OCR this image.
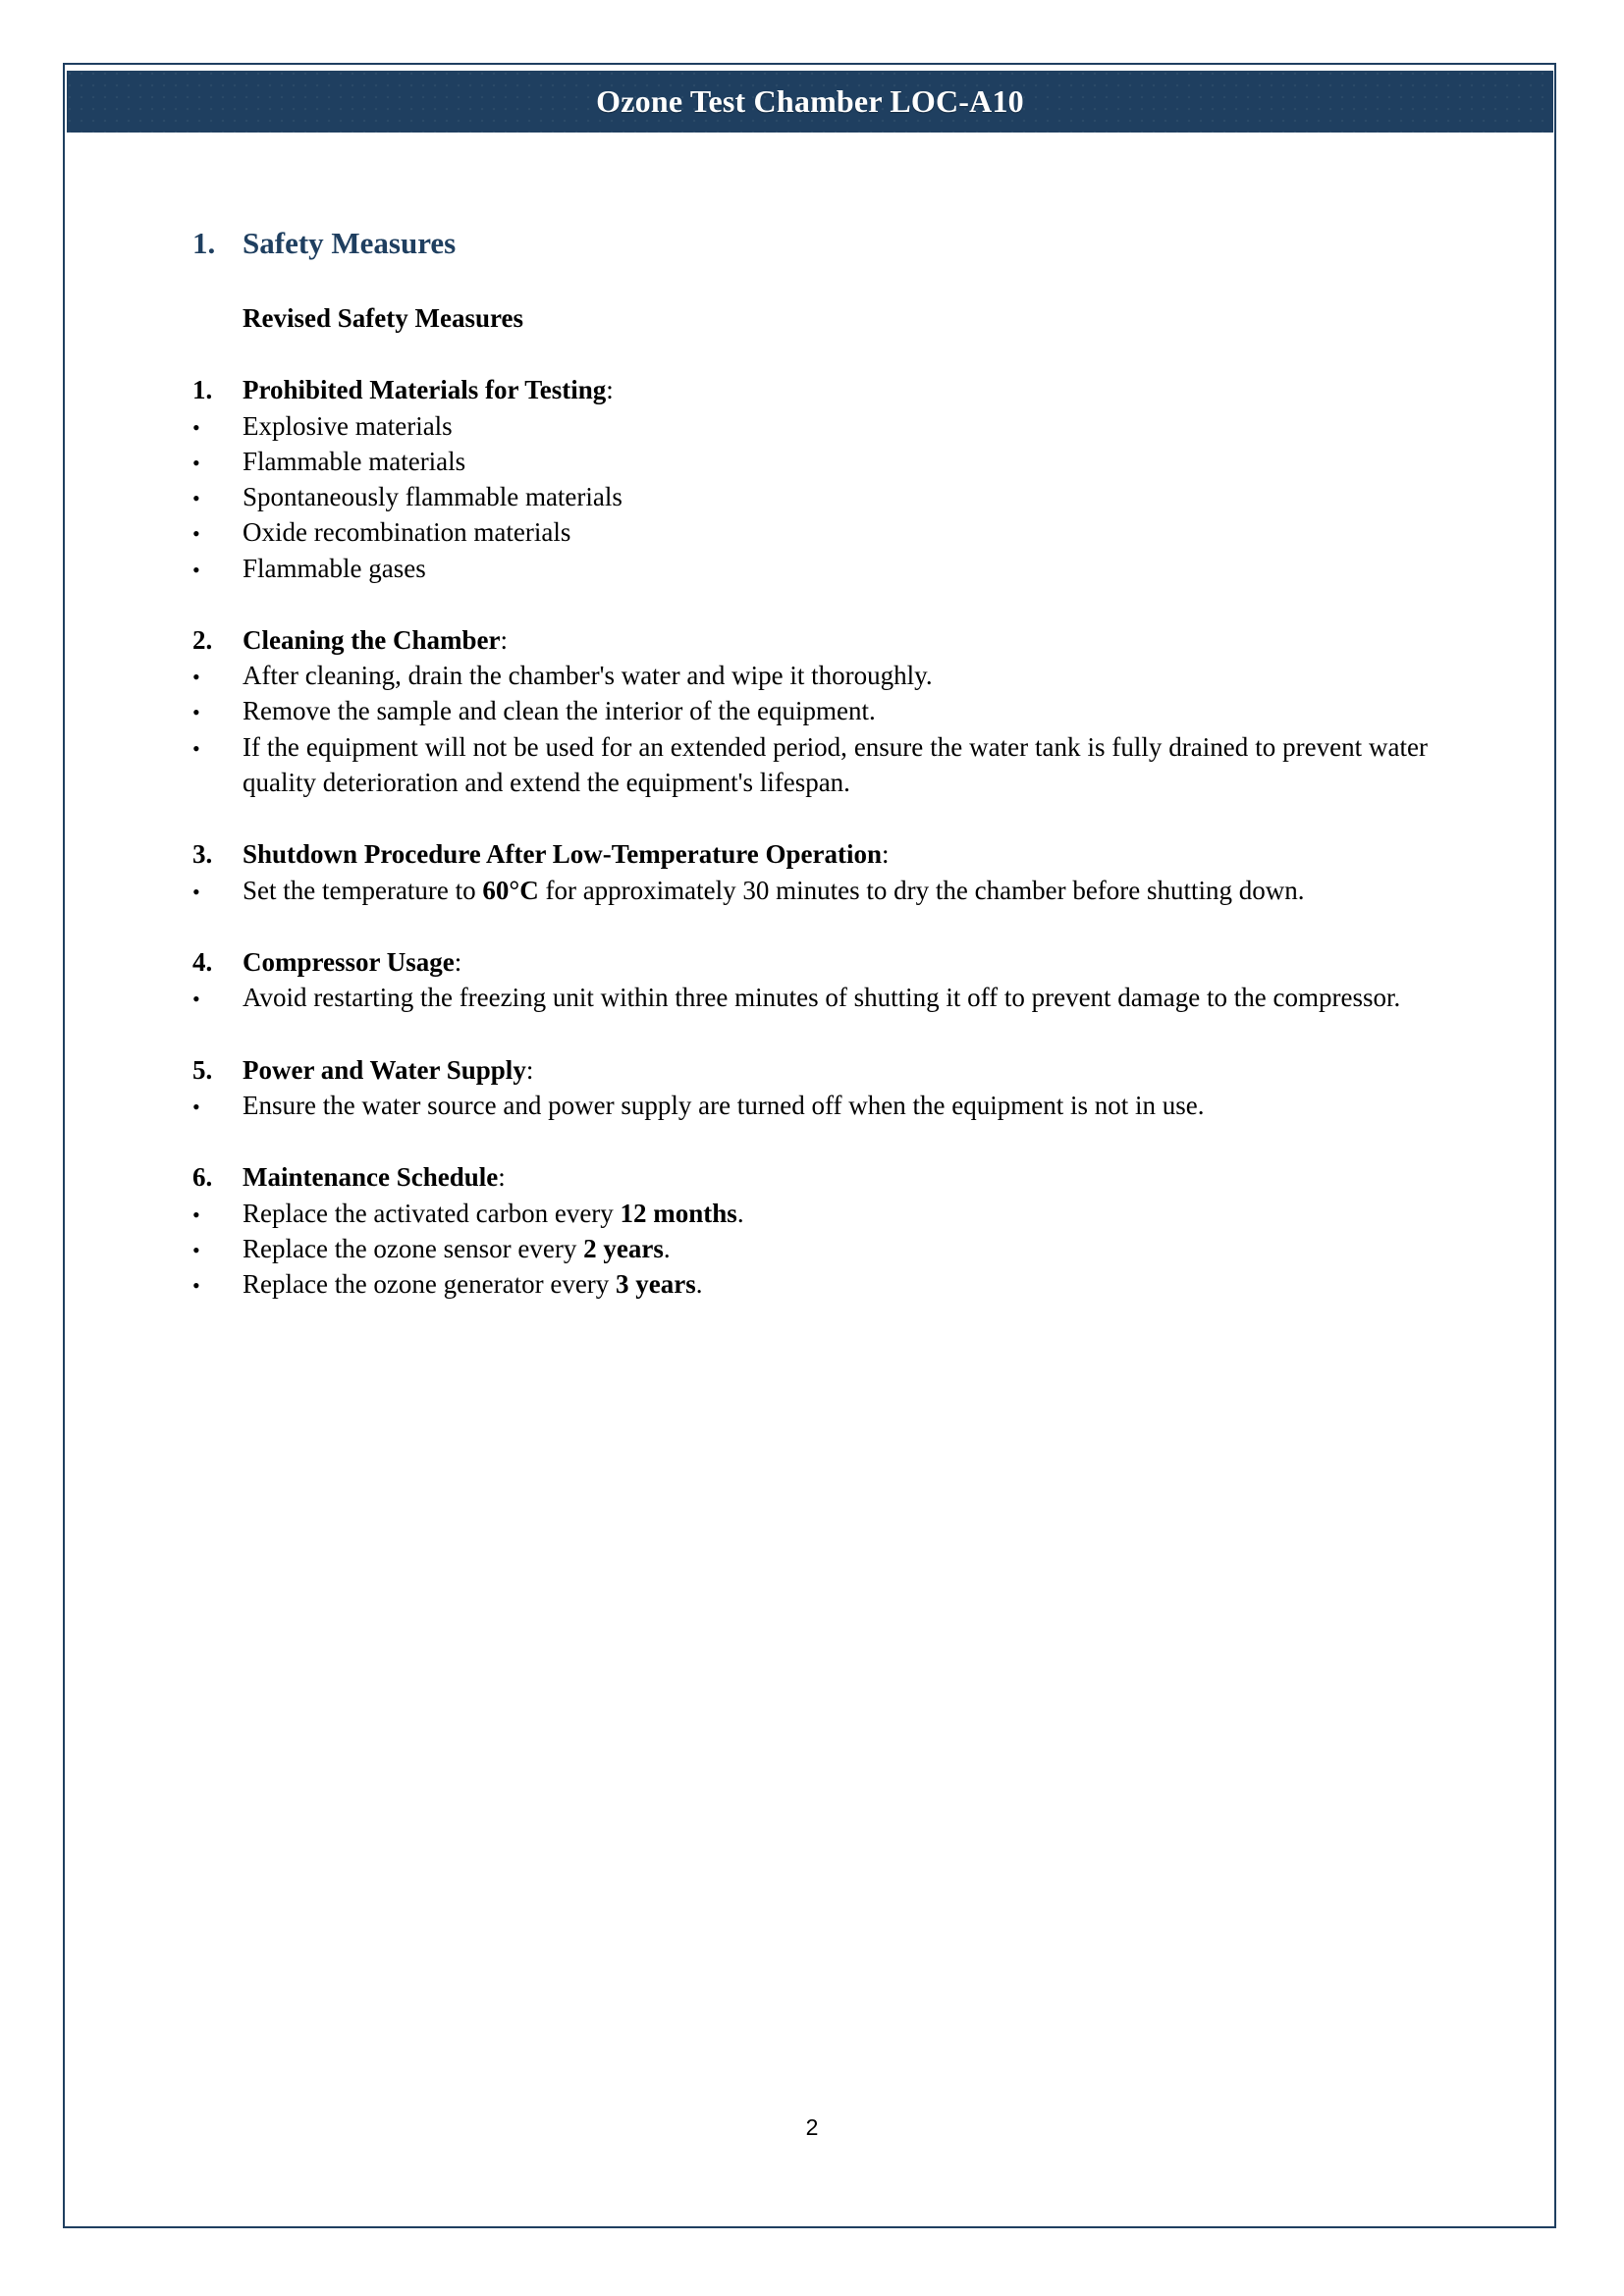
Ozone Test Chamber LOC-A10
1. Safety Measures
Revised Safety Measures
1.	Prohibited Materials for Testing:
•	Explosive materials
•	Flammable materials
•	Spontaneously flammable materials
•	Oxide recombination materials
•	Flammable gases
2.	Cleaning the Chamber:
•	After cleaning, drain the chamber's water and wipe it thoroughly.
•	Remove the sample and clean the interior of the equipment.
•	If the equipment will not be used for an extended period, ensure the water tank is fully drained to prevent water quality deterioration and extend the equipment's lifespan.
3.	Shutdown Procedure After Low-Temperature Operation:
•	Set the temperature to 60°C for approximately 30 minutes to dry the chamber before shutting down.
4.	Compressor Usage:
•	Avoid restarting the freezing unit within three minutes of shutting it off to prevent damage to the compressor.
5.	Power and Water Supply:
•	Ensure the water source and power supply are turned off when the equipment is not in use.
6.	Maintenance Schedule:
•	Replace the activated carbon every 12 months.
•	Replace the ozone sensor every 2 years.
•	Replace the ozone generator every 3 years.
2
